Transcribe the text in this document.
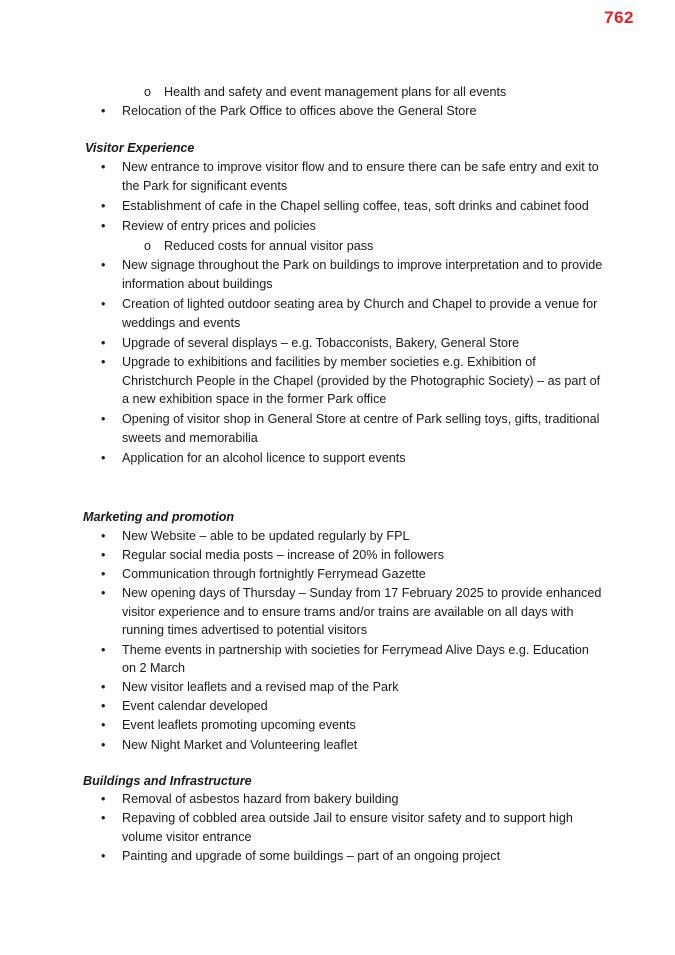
762
o Health and safety and event management plans for all events
• Relocation of the Park Office to offices above the General Store
Visitor Experience
• New entrance to improve visitor flow and to ensure there can be safe entry and exit to the Park for significant events
• Establishment of cafe in the Chapel selling coffee, teas, soft drinks and cabinet food
• Review of entry prices and policies
o Reduced costs for annual visitor pass
• New signage throughout the Park on buildings to improve interpretation and to provide information about buildings
• Creation of lighted outdoor seating area by Church and Chapel to provide a venue for weddings and events
• Upgrade of several displays – e.g. Tobacconists, Bakery, General Store
• Upgrade to exhibitions and facilities by member societies e.g. Exhibition of Christchurch People in the Chapel (provided by the Photographic Society) – as part of a new exhibition space in the former Park office
• Opening of visitor shop in General Store at centre of Park selling toys, gifts, traditional sweets and memorabilia
• Application for an alcohol licence to support events
Marketing and promotion
• New Website – able to be updated regularly by FPL
• Regular social media posts – increase of 20% in followers
• Communication through fortnightly Ferrymead Gazette
• New opening days of Thursday – Sunday from 17 February 2025 to provide enhanced visitor experience and to ensure trams and/or trains are available on all days with running times advertised to potential visitors
• Theme events in partnership with societies for Ferrymead Alive Days e.g. Education on 2 March
• New visitor leaflets and a revised map of the Park
• Event calendar developed
• Event leaflets promoting upcoming events
• New Night Market and Volunteering leaflet
Buildings and Infrastructure
• Removal of asbestos hazard from bakery building
• Repaving of cobbled area outside Jail to ensure visitor safety and to support high volume visitor entrance
• Painting and upgrade of some buildings – part of an ongoing project
